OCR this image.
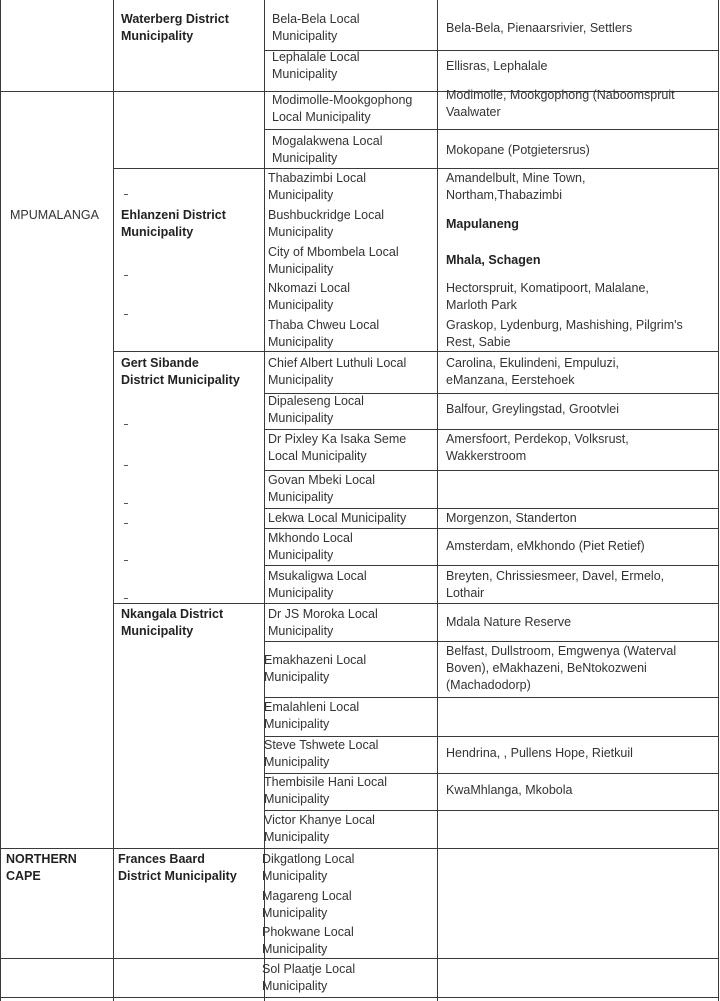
Waterberg District
Municipality
Bela-Bela Local
Municipality
Bela-Bela, Pienaarsrivier, Settlers
Lephalale Local
Municipality
Ellisras, Lephalale
Modimolle-Mookgophong
Local Municipality
Modimolle, Mookgophong (Naboomspruit
Vaalwater
Mogalakwena Local
Municipality
Mokopane (Potgietersrus)
MPUMALANGA Ehlanzeni District
Municipality
Thabazimbi Local
Municipality
Bushbuckridge Local
Municipality
City of Mbombela Local
Municipality
Nkomazi Local
Municipality
Thaba Chweu Local
Municipality
Amandelbult, Mine Town,
Northam,Thabazimbi
Mapulaneng
Mhala, Schagen
Hectorspruit, Komatipoort, Malalane,
Marloth Park
Graskop, Lydenburg, Mashishing, Pilgrim's
Rest, Sabie
Gert Sibande
District Municipality
Chief Albert Luthuli Local
Municipality
Carolina, Ekulindeni, Empuluzi,
eManzana, Eerstehoek
Dipaleseng Local
Municipality
Balfour, Greylingstad, Grootvlei
Dr Pixley Ka Isaka Seme
Local Municipality
Amersfoort, Perdekop, Volksrust,
Wakkerstroom
Govan Mbeki Local
Municipality
Lekwa Local Municipality	Morgenzon, Standerton
Mkhondo Local
Municipality
Amsterdam, eMkhondo (Piet Retief)
Msukaligwa Local
Municipality
Breyten, Chrissiesmeer, Davel, Ermelo,
Lothair
Nkangala District
Municipality
Dr JS Moroka Local
Municipality
Mdala Nature Reserve
Emakhazeni Local
Municipality
Belfast, Dullstroom, Emgwenya (Waterval
Boven), eMakhazeni, BeNtokozweni
(Machadodorp)
Emalahleni Local
Municipality
Steve Tshwete Local
Municipality
Hendrina, , Pullens Hope, Rietkuil
Thembisile Hani Local
Municipality
KwaMhlanga, Mkobola
Victor Khanye Local
Municipality
NORTHERN
CAPE
Frances Baard
District Municipality
Dikgatlong Local
Municipality
Magareng Local
Municipality
Phokwane Local
Municipality
Sol Plaatje Local
Municipality
